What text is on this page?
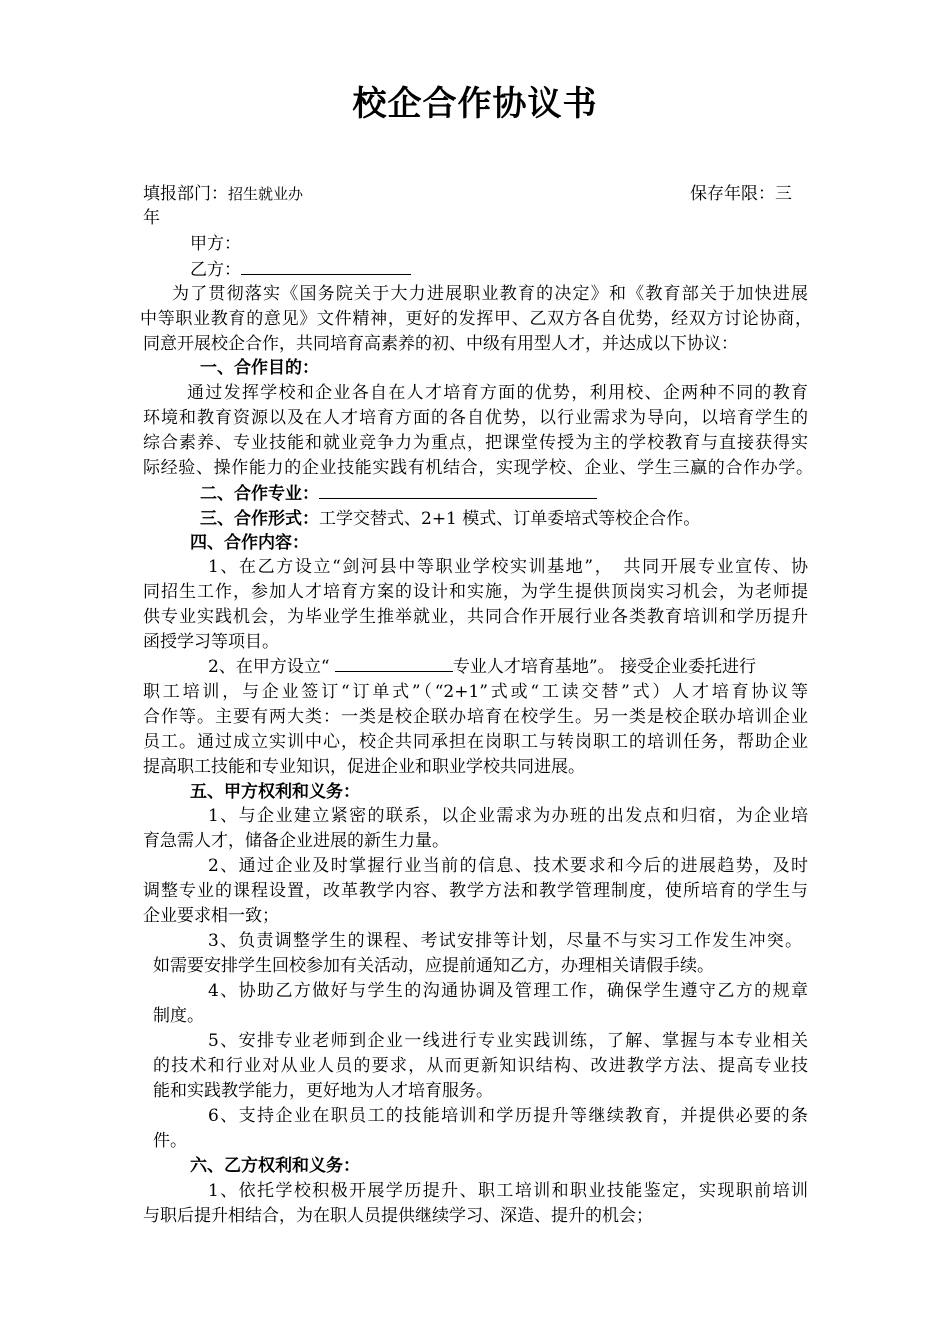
校企合作协议书
填报部门：招生就业办	保存年限：三
年
甲方：
乙方：
为了贯彻落实《国务院关于大力进展职业教育的决定》和《教育部关于加快进展
中等职业教育的意见》文件精神，更好的发挥甲、乙双方各自优势，经双方讨论协商，
同意开展校企合作，共同培育高素养的初、中级有用型人才，并达成以下协议：
一、合作目的：
通过发挥学校和企业各自在人才培育方面的优势，利用校、企两种不同的教育
环境和教育资源以及在人才培育方面的各自优势，以行业需求为导向，以培育学生的
综合素养、专业技能和就业竞争力为重点，把课堂传授为主的学校教育与直接获得实
际经验、操作能力的企业技能实践有机结合，实现学校、企业、学生三赢的合作办学。
二、合作专业：
三、合作形式：工学交替式、2+1 模式、订单委培式等校企合作。
四、合作内容：
1、在乙方设立“剑河县中等职业学校实训基地”，　共同开展专业宣传、协
同招生工作，参加人才培育方案的设计和实施，为学生提供顶岗实习机会，为老师提
供专业实践机会，为毕业学生推举就业，共同合作开展行业各类教育培训和学历提升
函授学习等项目。
2、在甲方设立“	专业人才培育基地”。 接受企业委托进行
职工培训，与企业签订“订单式”（“2+1”式或“工读交替”式）人才培育协议等
合作等。主要有两大类：一类是校企联办培育在校学生。另一类是校企联办培训企业
员工。通过成立实训中心，校企共同承担在岗职工与转岗职工的培训任务，帮助企业
提高职工技能和专业知识，促进企业和职业学校共同进展。
五、甲方权利和义务：
1、与企业建立紧密的联系，以企业需求为办班的出发点和归宿，为企业培
育急需人才，储备企业进展的新生力量。
2、通过企业及时掌握行业当前的信息、技术要求和今后的进展趋势，及时
调整专业的课程设置，改革教学内容、教学方法和教学管理制度，使所培育的学生与
企业要求相一致；
3、负责调整学生的课程、考试安排等计划，尽量不与实习工作发生冲突。
如需要安排学生回校参加有关活动，应提前通知乙方，办理相关请假手续。
4、协助乙方做好与学生的沟通协调及管理工作，确保学生遵守乙方的规章
制度。
5、安排专业老师到企业一线进行专业实践训练，了解、掌握与本专业相关
的技术和行业对从业人员的要求，从而更新知识结构、改进教学方法、提高专业技
能和实践教学能力，更好地为人才培育服务。
6、支持企业在职员工的技能培训和学历提升等继续教育，并提供必要的条
件。
六、乙方权利和义务：
1、依托学校积极开展学历提升、职工培训和职业技能鉴定，实现职前培训
与职后提升相结合，为在职人员提供继续学习、深造、提升的机会；
